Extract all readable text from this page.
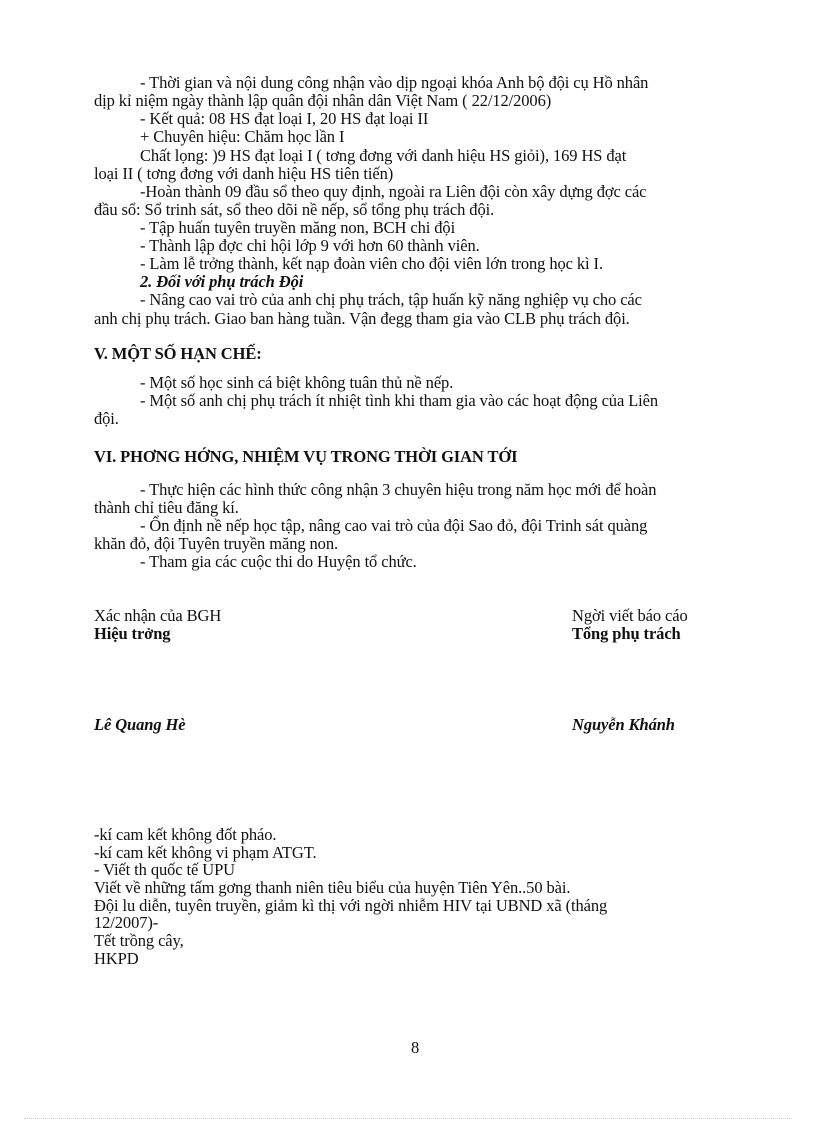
- Thời gian và nội dung công nhận vào dịp ngoại khóa Anh bộ đội cụ Hồ nhân
dịp kỉ niệm ngày thành lập quân đội nhân dân Việt Nam ( 22/12/2006)
- Kết quả: 08 HS đạt loại I, 20 HS đạt loại II
+ Chuyên hiệu: Chăm học lần I
Chất lọng: )9 HS đạt loại I ( tơng đơng với danh hiệu HS giỏi), 169 HS đạt
loại II ( tơng đơng với danh hiệu HS tiên tiến)
-Hoàn thành 09 đầu sổ theo quy định, ngoài ra Liên đội còn xây dựng đợc các
đầu sổ: Sổ trinh sát, sổ theo dõi nề nếp, sổ tổng phụ trách đội.
- Tập huấn tuyên truyền măng non, BCH chi đội
- Thành lập đợc chi hội lớp 9 với hơn 60 thành viên.
- Làm lễ trởng thành, kết nạp đoàn viên cho đội viên lớn trong học kì I.
2. Đối với phụ trách Đội
- Nâng cao vai trò của anh chị phụ trách, tập huấn kỹ năng nghiệp vụ cho các
anh chị phụ trách. Giao ban hàng tuần. Vận đegg tham gia vào CLB phụ trách đội.
V. MỘT SỐ HẠN CHẾ:
- Một số học sinh cá biệt không tuân thủ nề nếp.
- Một số anh chị phụ trách ít nhiệt tình khi tham gia vào các hoạt động của Liên
đội.
VI. PHƠNG HỚNG, NHIỆM VỤ TRONG THỜI GIAN TỚI
- Thực hiện các hình thức công nhận 3 chuyên hiệu trong năm học mới để hoàn
thành chỉ tiêu đăng kí.
- Ổn định nề nếp học tập, nâng cao vai trò của đội Sao đỏ, đội Trinh sát quàng
khăn đỏ, đội Tuyên truyền măng non.
- Tham gia các cuộc thi do Huyện tổ chức.
Xác nhận của BGH
Hiệu trởng
Ngời viết báo cáo
Tổng phụ trách
Lê Quang Hè	Nguyễn Khánh
-kí cam kết không đốt pháo.
-kí cam kết không vi phạm ATGT.
- Viết th quốc tế UPU
Viết về những tấm gơng thanh niên tiêu biểu của huyện Tiên Yên..50 bài.
Đội lu diễn, tuyên truyền, giảm kì thị với ngời nhiễm HIV tại UBND xã (tháng
12/2007)-
Tết trồng cây,
HKPD
8
